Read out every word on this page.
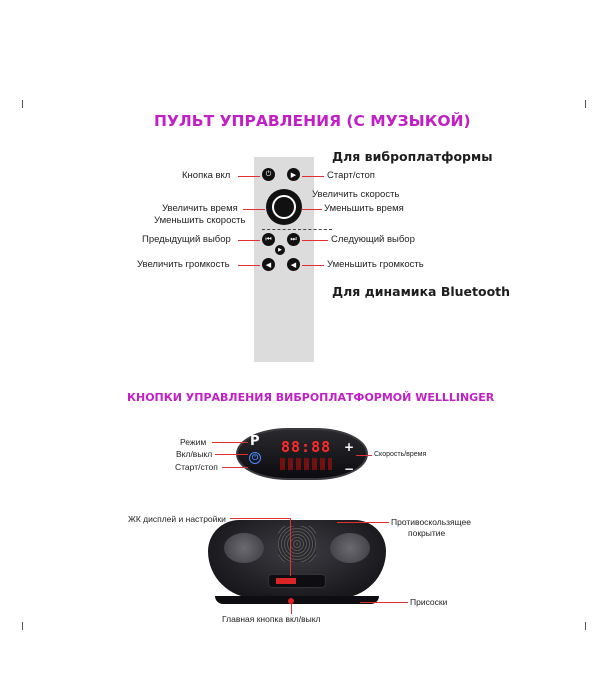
ПУЛЬТ УПРАВЛЕНИЯ (С МУЗЫКОЙ)
Для виброплатформы
Для динамика Bluetooth
⏻	▶
⏮	⏭
▶
◀	◀
Кнопка вкл	Старт/стоп
Увеличить скорость
Увеличить время	Уменьшить время
Уменьшить скорость
Предыдущий выбор	Следующий выбор
Увеличить громкость	Уменьшить громкость
КНОПКИ УПРАВЛЕНИЯ ВИБРОПЛАТФОРМОЙ WELLLINGER
P
⏻
88:88 +
−
Режим
Вкл/выкл
Старт/стоп
Скорость/время
ЖК дисплей и настройки	Противоскользящее
покрытие
Присоски
Главная кнопка вкл/выкл
